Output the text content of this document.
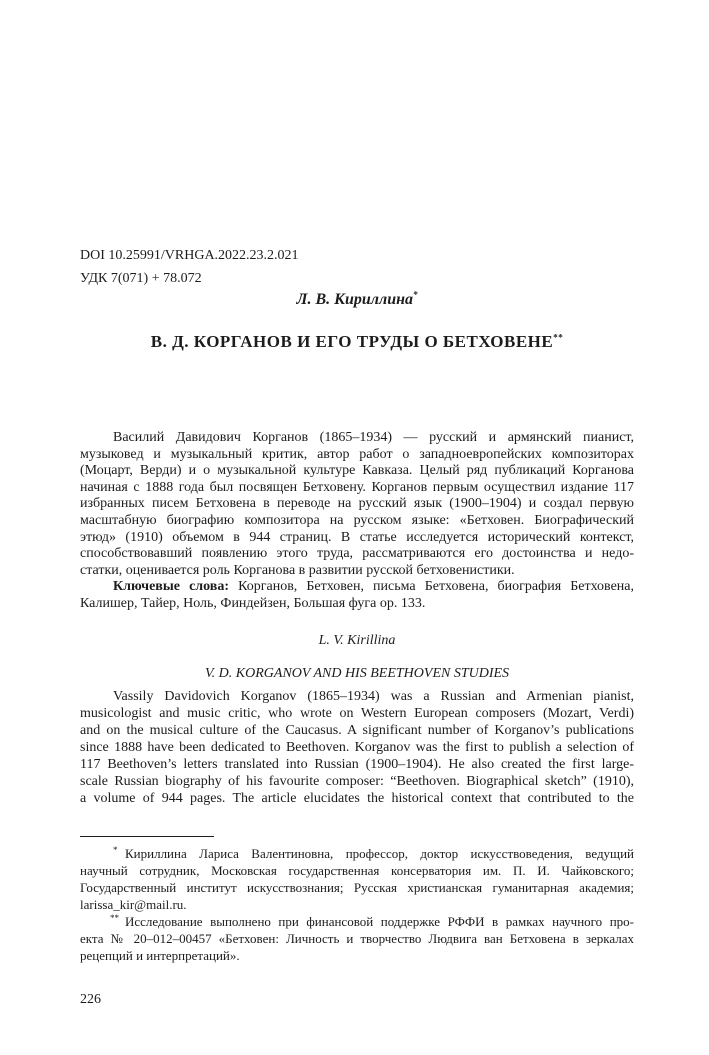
DOI 10.25991/VRHGA.2022.23.2.021
УДК 7(071) + 78.072
Л. В. Кириллина*
В. Д. КОРГАНОВ И ЕГО ТРУДЫ О БЕТХОВЕНЕ**
Василий Давидович Корганов (1865–1934) — русский и армянский пианист,
музыковед и музыкальный критик, автор работ о западноевропейских композиторах
(Моцарт, Верди) и о музыкальной культуре Кавказа. Целый ряд публикаций Корганова
начиная с 1888 года был посвящен Бетховену. Корганов первым осуществил издание 117
избранных писем Бетховена в переводе на русский язык (1900–1904) и создал первую
масштабную биографию композитора на русском языке: «Бетховен. Биографический
этюд» (1910) объемом в 944 страниц. В статье исследуется исторический контекст,
способствовавший появлению этого труда, рассматриваются его достоинства и недо-
статки, оценивается роль Корганова в развитии русской бетховенистики.
Ключевые слова: Корганов, Бетховен, письма Бетховена, биография Бетховена,
Калишер, Тайер, Ноль, Финдейзен, Большая фуга ор. 133.
L. V. Kirillina
V. D. KORGANOV AND HIS BEETHOVEN STUDIES
Vassily Davidovich Korganov (1865–1934) was a Russian and Armenian pianist,
musicologist and music critic, who wrote on Western European composers (Mozart, Verdi)
and on the musical culture of the Caucasus. A significant number of Korganov’s publications
since 1888 have been dedicated to Beethoven. Korganov was the first to publish a selection of
117 Beethoven’s letters translated into Russian (1900–1904). He also created the first large-
scale Russian biography of his favourite composer: “Beethoven. Biographical sketch” (1910),
a volume of 944 pages. The article elucidates the historical context that contributed to the
* Кириллина Лариса Валентиновна, профессор, доктор искусствоведения, ведущий
научный сотрудник, Московская государственная консерватория им. П. И. Чайковского;
Государственный институт искусствознания; Русская христианская гуманитарная академия;
larissa_kir@mail.ru.
** Исследование выполнено при финансовой поддержке РФФИ в рамках научного про-
екта № 20–012–00457 «Бетховен: Личность и творчество Людвига ван Бетховена в зеркалах
рецепций и интерпретаций».
226
